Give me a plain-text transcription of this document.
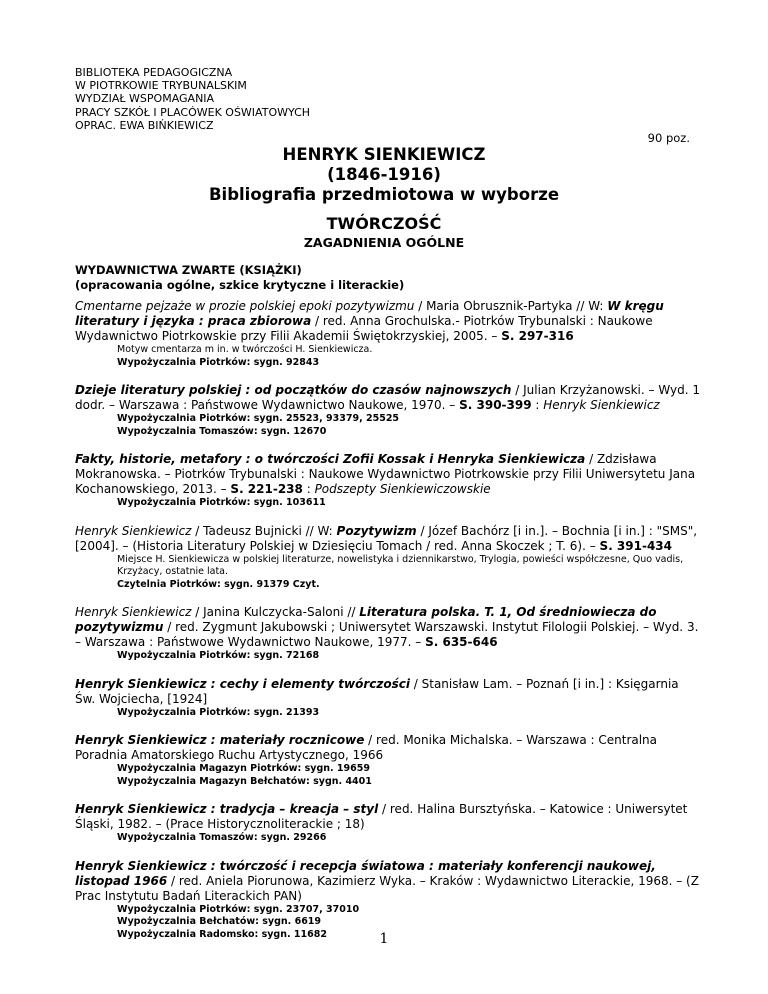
BIBLIOTEKA PEDAGOGICZNA
W PIOTRKOWIE TRYBUNALSKIM
WYDZIAŁ WSPOMAGANIA
PRACY SZKÓŁ I PLACÓWEK OŚWIATOWYCH
OPRAC. EWA BIŃKIEWICZ
90 poz.
HENRYK SIENKIEWICZ
(1846-1916)
Bibliografia przedmiotowa w wyborze
TWÓRCZOŚĆ
ZAGADNIENIA OGÓLNE
WYDAWNICTWA ZWARTE (KSIĄŻKI)
(opracowania ogólne, szkice krytyczne i literackie)
Cmentarne pejzaże w prozie polskiej epoki pozytywizmu / Maria Obrusznik-Partyka // W: W kręgu literatury i języka : praca zbiorowa / red. Anna Grochulska.- Piotrków Trybunalski : Naukowe Wydawnictwo Piotrkowskie przy Filii Akademii Świętokrzyskiej, 2005. – S. 297-316
Motyw cmentarza m in. w twórczości H. Sienkiewicza.
Wypożyczalnia Piotrków: sygn. 92843
Dzieje literatury polskiej : od początków do czasów najnowszych / Julian Krzyżanowski. – Wyd. 1 dodr. – Warszawa : Państwowe Wydawnictwo Naukowe, 1970. – S. 390-399 : Henryk Sienkiewicz
Wypożyczalnia Piotrków: sygn. 25523, 93379, 25525
Wypożyczalnia Tomaszów: sygn. 12670
Fakty, historie, metafory : o twórczości Zofii Kossak i Henryka Sienkiewicza / Zdzisława Mokranowska. – Piotrków Trybunalski : Naukowe Wydawnictwo Piotrkowskie przy Filii Uniwersytetu Jana Kochanowskiego, 2013. – S. 221-238 : Podszepty Sienkiewiczowskie
Wypożyczalnia Piotrków: sygn. 103611
Henryk Sienkiewicz / Tadeusz Bujnicki // W: Pozytywizm / Józef Bachórz [i in.]. – Bochnia [i in.] : "SMS", [2004]. – (Historia Literatury Polskiej w Dziesięciu Tomach / red. Anna Skoczek ; T. 6). – S. 391-434
Miejsce H. Sienkiewicza w polskiej literaturze, nowelistyka i dziennikarstwo, Trylogia, powieści współczesne, Quo vadis, Krzyżacy, ostatnie lata.
Czytelnia Piotrków: sygn. 91379 Czyt.
Henryk Sienkiewicz / Janina Kulczycka-Saloni // Literatura polska. T. 1, Od średniowiecza do pozytywizmu / red. Zygmunt Jakubowski ; Uniwersytet Warszawski. Instytut Filologii Polskiej. – Wyd. 3. – Warszawa : Państwowe Wydawnictwo Naukowe, 1977. – S. 635-646
Wypożyczalnia Piotrków: sygn. 72168
Henryk Sienkiewicz : cechy i elementy twórczości / Stanisław Lam. – Poznań [i in.] : Księgarnia Św. Wojciecha, [1924]
Wypożyczalnia Piotrków: sygn. 21393
Henryk Sienkiewicz : materiały rocznicowe / red. Monika Michalska. – Warszawa : Centralna Poradnia Amatorskiego Ruchu Artystycznego, 1966
Wypożyczalnia Magazyn Piotrków: sygn. 19659
Wypożyczalnia Magazyn Bełchatów: sygn. 4401
Henryk Sienkiewicz : tradycja – kreacja – styl / red. Halina Bursztyńska. – Katowice : Uniwersytet Śląski, 1982. – (Prace Historycznoliterackie ; 18)
Wypożyczalnia Tomaszów: sygn. 29266
Henryk Sienkiewicz : twórczość i recepcja światowa : materiały konferencji naukowej, listopad 1966 / red. Aniela Piorunowa, Kazimierz Wyka. – Kraków : Wydawnictwo Literackie, 1968. – (Z Prac Instytutu Badań Literackich PAN)
Wypożyczalnia Piotrków: sygn. 23707, 37010
Wypożyczalnia Bełchatów: sygn. 6619
Wypożyczalnia Radomsko: sygn. 11682	1
